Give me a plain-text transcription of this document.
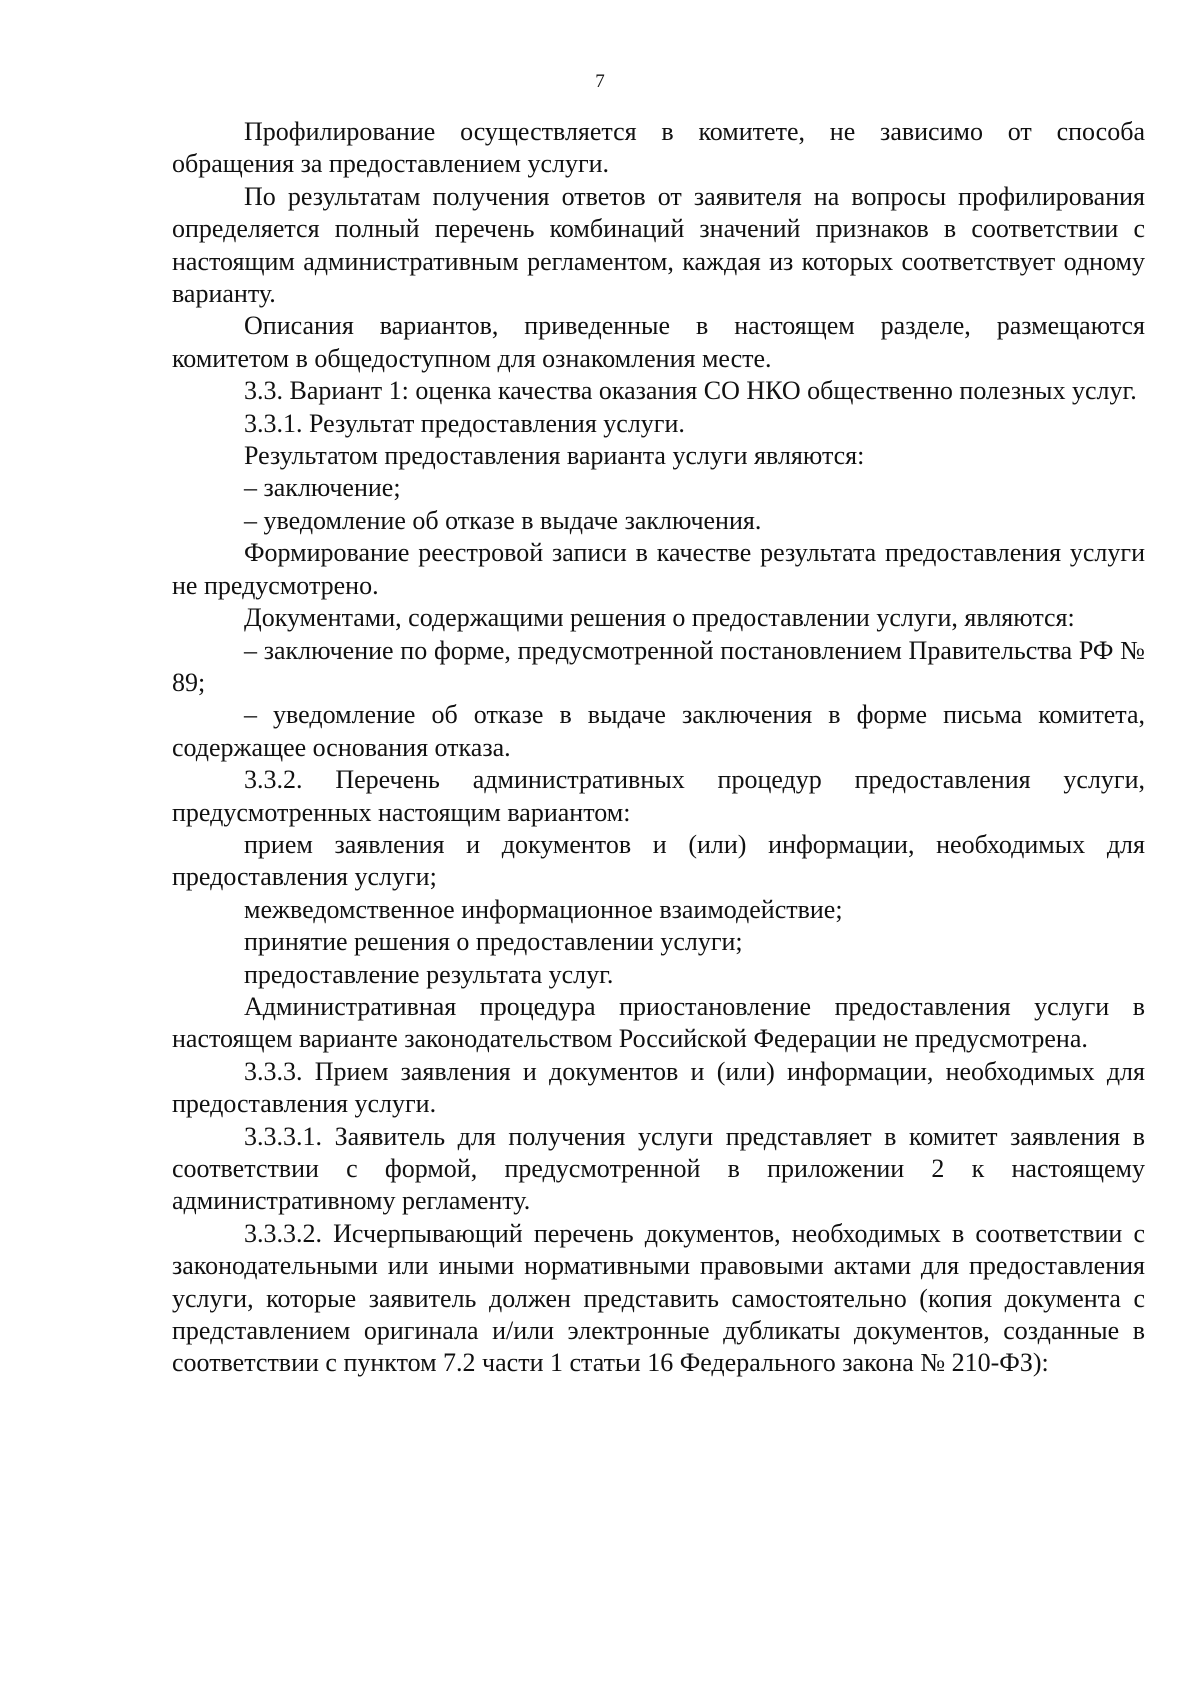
7

Профилирование осуществляется в комитете, не зависимо от способа обращения за предоставлением услуги.

По результатам получения ответов от заявителя на вопросы профилирования определяется полный перечень комбинаций значений признаков в соответствии с настоящим административным регламентом, каждая из которых соответствует одному варианту.

Описания вариантов, приведенные в настоящем разделе, размещаются комитетом в общедоступном для ознакомления месте.

3.3. Вариант 1: оценка качества оказания СО НКО общественно полезных услуг.

3.3.1. Результат предоставления услуги.

Результатом предоставления варианта услуги являются:

– заключение;

– уведомление об отказе в выдаче заключения.

Формирование реестровой записи в качестве результата предоставления услуги не предусмотрено.

Документами, содержащими решения о предоставлении услуги, являются:

– заключение по форме, предусмотренной постановлением Правительства РФ № 89;

– уведомление об отказе в выдаче заключения в форме письма комитета, содержащее основания отказа.

3.3.2. Перечень административных процедур предоставления услуги, предусмотренных настоящим вариантом:

прием заявления и документов и (или) информации, необходимых для предоставления услуги;

межведомственное информационное взаимодействие;

принятие решения о предоставлении услуги;

предоставление результата услуг.

Административная процедура приостановление предоставления услуги в настоящем варианте законодательством Российской Федерации не предусмотрена.

3.3.3. Прием заявления и документов и (или) информации, необходимых для предоставления услуги.

3.3.3.1. Заявитель для получения услуги представляет в комитет заявления в соответствии с формой, предусмотренной в приложении 2 к настоящему административному регламенту.

3.3.3.2. Исчерпывающий перечень документов, необходимых в соответствии с законодательными или иными нормативными правовыми актами для предоставления услуги, которые заявитель должен представить самостоятельно (копия документа с представлением оригинала и/или электронные дубликаты документов, созданные в соответствии с пунктом 7.2 части 1 статьи 16 Федерального закона № 210-ФЗ):
